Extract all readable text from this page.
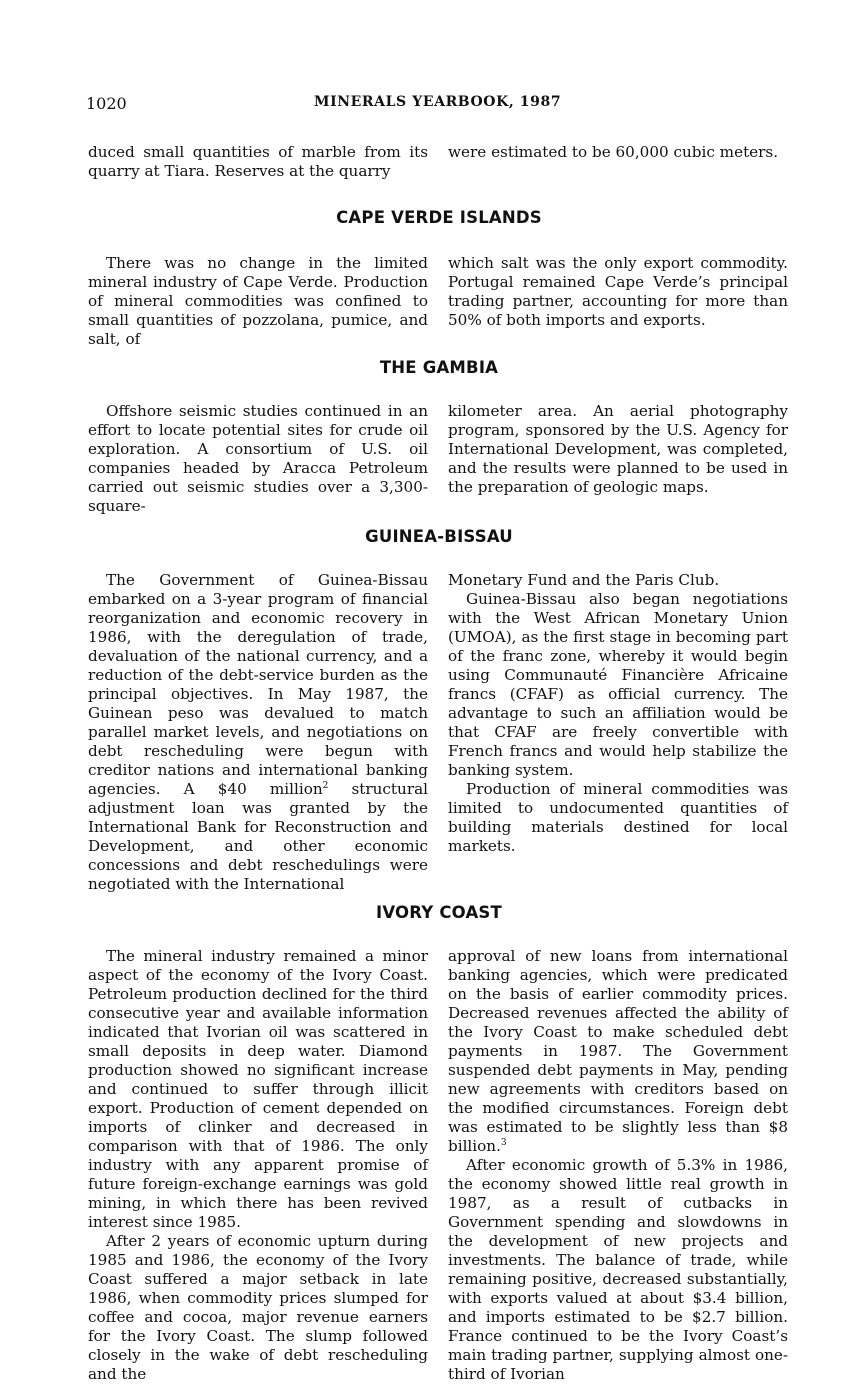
1020	MINERALS YEARBOOK, 1987

duced small quantities of marble from its quarry at Tiara. Reserves at the quarry

were estimated to be 60,000 cubic meters.

CAPE VERDE ISLANDS

There was no change in the limited mineral industry of Cape Verde. Production of mineral commodities was confined to small quantities of pozzolana, pumice, and salt, of

which salt was the only export commodity. Portugal remained Cape Verde’s principal trading partner, accounting for more than 50% of both imports and exports.

THE GAMBIA

Offshore seismic studies continued in an effort to locate potential sites for crude oil exploration. A consortium of U.S. oil companies headed by Aracca Petroleum carried out seismic studies over a 3,300-square-

kilometer area. An aerial photography program, sponsored by the U.S. Agency for International Development, was completed, and the results were planned to be used in the preparation of geologic maps.

GUINEA-BISSAU

The Government of Guinea-Bissau embarked on a 3-year program of financial reorganization and economic recovery in 1986, with the deregulation of trade, devaluation of the national currency, and a reduction of the debt-service burden as the principal objectives. In May 1987, the Guinean peso was devalued to match parallel market levels, and negotiations on debt rescheduling were begun with creditor nations and international banking agencies. A $40 million$^2$ structural adjustment loan was granted by the International Bank for Reconstruction and Development, and other economic concessions and debt reschedulings were negotiated with the International

Monetary Fund and the Paris Club.

Guinea-Bissau also began negotiations with the West African Monetary Union (UMOA), as the first stage in becoming part of the franc zone, whereby it would begin using Communauté Financière Africaine francs (CFAF) as official currency. The advantage to such an affiliation would be that CFAF are freely convertible with French francs and would help stabilize the banking system.

Production of mineral commodities was limited to undocumented quantities of building materials destined for local markets.

IVORY COAST

The mineral industry remained a minor aspect of the economy of the Ivory Coast. Petroleum production declined for the third consecutive year and available information indicated that Ivorian oil was scattered in small deposits in deep water. Diamond production showed no significant increase and continued to suffer through illicit export. Production of cement depended on imports of clinker and decreased in comparison with that of 1986. The only industry with any apparent promise of future foreign-exchange earnings was gold mining, in which there has been revived interest since 1985.

After 2 years of economic upturn during 1985 and 1986, the economy of the Ivory Coast suffered a major setback in late 1986, when commodity prices slumped for coffee and cocoa, major revenue earners for the Ivory Coast. The slump followed closely in the wake of debt rescheduling and the

approval of new loans from international banking agencies, which were predicated on the basis of earlier commodity prices. Decreased revenues affected the ability of the Ivory Coast to make scheduled debt payments in 1987. The Government suspended debt payments in May, pending new agreements with creditors based on the modified circumstances. Foreign debt was estimated to be slightly less than $8 billion.$^3$

After economic growth of 5.3% in 1986, the economy showed little real growth in 1987, as a result of cutbacks in Government spending and slowdowns in the development of new projects and investments. The balance of trade, while remaining positive, decreased substantially, with exports valued at about $3.4 billion, and imports estimated to be $2.7 billion. France continued to be the Ivory Coast’s main trading partner, supplying almost one-third of Ivorian
